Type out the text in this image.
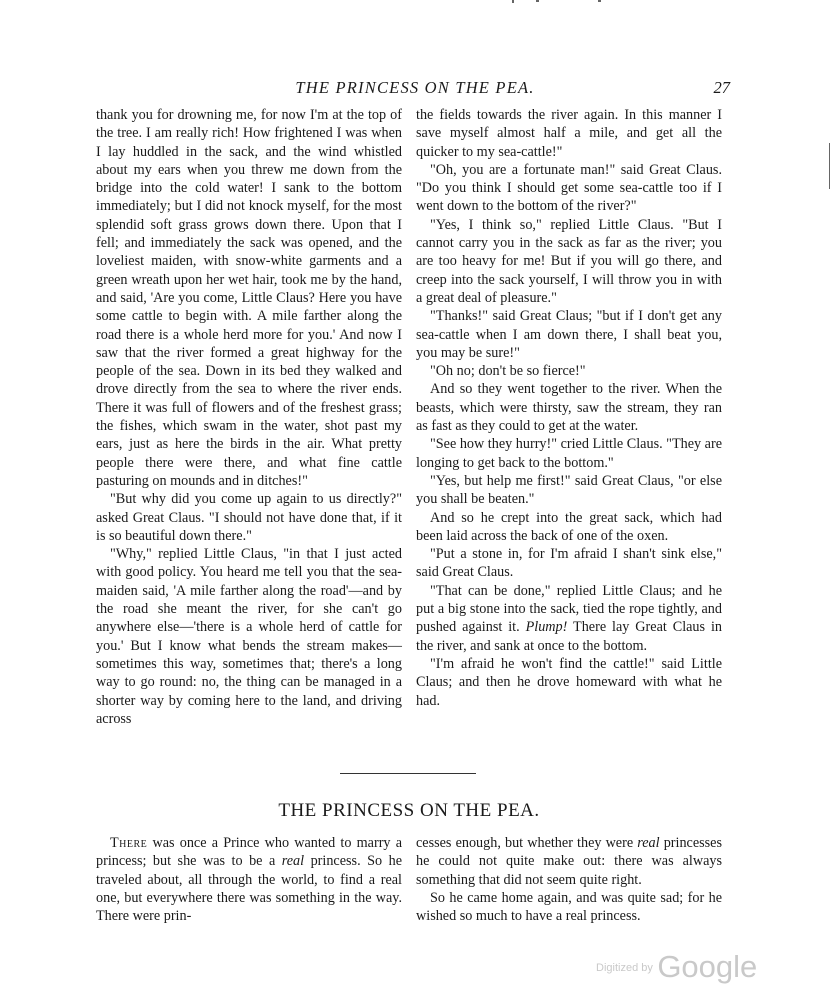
THE PRINCESS ON THE PEA.	27

thank you for drowning me, for now I'm at the top of the tree. I am really rich! How frightened I was when I lay huddled in the sack, and the wind whistled about my ears when you threw me down from the bridge into the cold water! I sank to the bottom immediately; but I did not knock myself, for the most splendid soft grass grows down there. Upon that I fell; and immediately the sack was opened, and the loveliest maiden, with snow-white garments and a green wreath upon her wet hair, took me by the hand, and said, 'Are you come, Little Claus? Here you have some cattle to begin with. A mile farther along the road there is a whole herd more for you.' And now I saw that the river formed a great highway for the people of the sea. Down in its bed they walked and drove directly from the sea to where the river ends. There it was full of flowers and of the freshest grass; the fishes, which swam in the water, shot past my ears, just as here the birds in the air. What pretty people there were there, and what fine cattle pasturing on mounds and in ditches!"

"But why did you come up again to us directly?" asked Great Claus. "I should not have done that, if it is so beautiful down there."

"Why," replied Little Claus, "in that I just acted with good policy. You heard me tell you that the sea-maiden said, 'A mile farther along the road'—and by the road she meant the river, for she can't go anywhere else—'there is a whole herd of cattle for you.' But I know what bends the stream makes—sometimes this way, sometimes that; there's a long way to go round: no, the thing can be managed in a shorter way by coming here to the land, and driving across

the fields towards the river again. In this manner I save myself almost half a mile, and get all the quicker to my sea-cattle!"

"Oh, you are a fortunate man!" said Great Claus. "Do you think I should get some sea-cattle too if I went down to the bottom of the river?"

"Yes, I think so," replied Little Claus. "But I cannot carry you in the sack as far as the river; you are too heavy for me! But if you will go there, and creep into the sack yourself, I will throw you in with a great deal of pleasure."

"Thanks!" said Great Claus; "but if I don't get any sea-cattle when I am down there, I shall beat you, you may be sure!"

"Oh no; don't be so fierce!"

And so they went together to the river. When the beasts, which were thirsty, saw the stream, they ran as fast as they could to get at the water.

"See how they hurry!" cried Little Claus. "They are longing to get back to the bottom."

"Yes, but help me first!" said Great Claus, "or else you shall be beaten."

And so he crept into the great sack, which had been laid across the back of one of the oxen.

"Put a stone in, for I'm afraid I shan't sink else," said Great Claus.

"That can be done," replied Little Claus; and he put a big stone into the sack, tied the rope tightly, and pushed against it. Plump! There lay Great Claus in the river, and sank at once to the bottom.

"I'm afraid he won't find the cattle!" said Little Claus; and then he drove homeward with what he had.

THE PRINCESS ON THE PEA.

There was once a Prince who wanted to marry a princess; but she was to be a real princess. So he traveled about, all through the world, to find a real one, but everywhere there was something in the way. There were prin-

cesses enough, but whether they were real princesses he could not quite make out: there was always something that did not seem quite right.

So he came home again, and was quite sad; for he wished so much to have a real princess.

$^{Digitized by}$ Google
